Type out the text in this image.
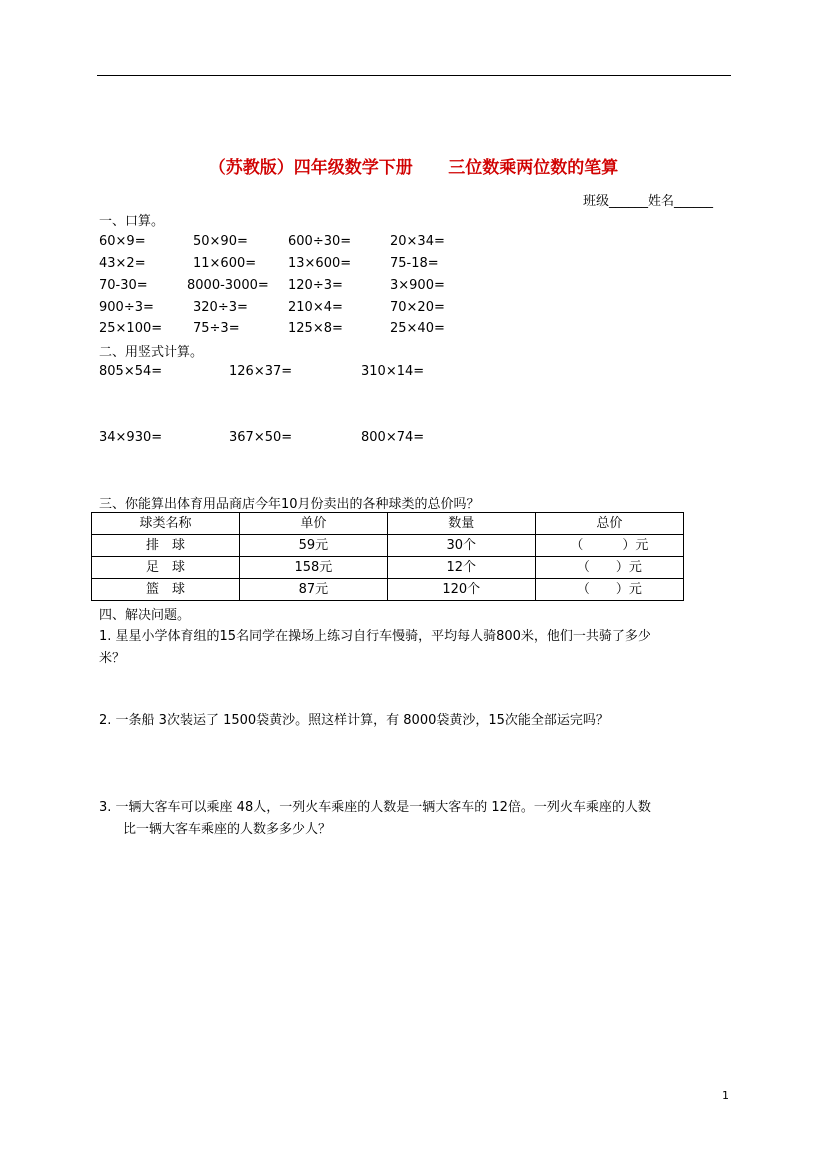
（苏教版）四年级数学下册 三位数乘两位数的笔算
班级______姓名______
一、口算。
60×9=	50×90=	600÷30=	20×34=
43×2=	11×600= 13×600=	75-18=
70-30=	8000-3000= 120÷3=	3×900=
900÷3=	320÷3=	210×4=	70×20=
25×100= 75÷3=	125×8=	25×40=
二、用竖式计算。
805×54=	126×37=	310×14=
34×930=	367×50=	800×74=
三、你能算出体育用品商店今年10月份卖出的各种球类的总价吗？
球类名称	单价	数量	总价
排　球	59元	30个	（　　　）元
足　球	158元	12个	（　　）元
篮　球	87元	120个	（　　）元
四、解决问题。
1. 星星小学体育组的15名同学在操场上练习自行车慢骑，平均每人骑800米，他们一共骑了多少
米？
2. 一条船 3次装运了 1500袋黄沙。照这样计算，有 8000袋黄沙，15次能全部运完吗？
3. 一辆大客车可以乘座 48人，一列火车乘座的人数是一辆大客车的 12倍。一列火车乘座的人数
比一辆大客车乘座的人数多多少人？
1
